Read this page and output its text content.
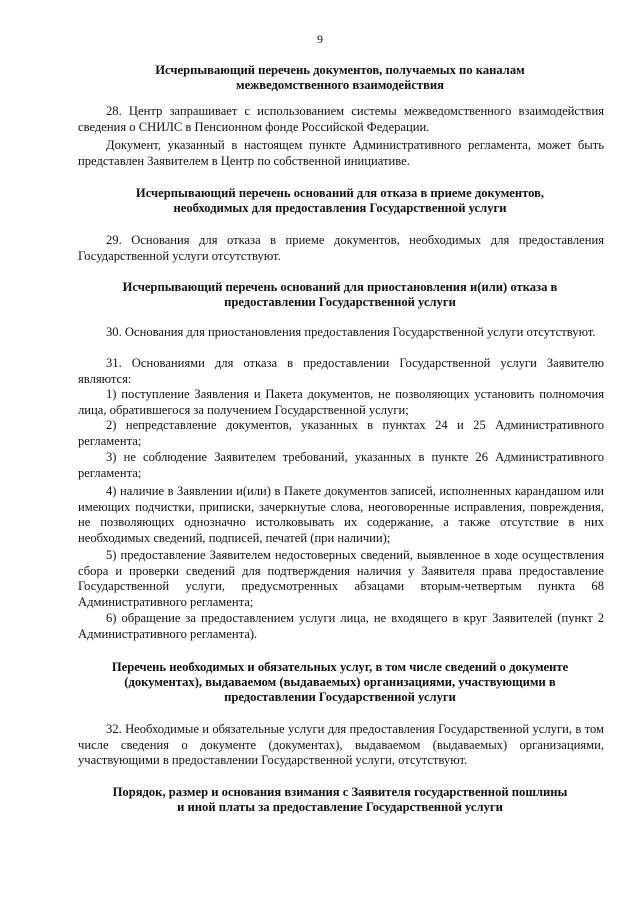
9
Исчерпывающий перечень документов, получаемых по каналам межведомственного взаимодействия

28. Центр запрашивает с использованием системы межведомственного взаимодействия сведения о СНИЛС в Пенсионном фонде Российской Федерации.

Документ, указанный в настоящем пункте Административного регламента, может быть представлен Заявителем в Центр по собственной инициативе.

Исчерпывающий перечень оснований для отказа в приеме документов, необходимых для предоставления Государственной услуги

29. Основания для отказа в приеме документов, необходимых для предоставления Государственной услуги отсутствуют.

Исчерпывающий перечень оснований для приостановления и(или) отказа в предоставлении Государственной услуги

30. Основания для приостановления предоставления Государственной услуги отсутствуют.

31. Основаниями для отказа в предоставлении Государственной услуги Заявителю являются:

1) поступление Заявления и Пакета документов, не позволяющих установить полномочия лица, обратившегося за получением Государственной услуги;

2) непредставление документов, указанных в пунктах 24 и 25 Административного регламента;

3) не соблюдение Заявителем требований, указанных в пункте 26 Административного регламента;

4) наличие в Заявлении и(или) в Пакете документов записей, исполненных карандашом или имеющих подчистки, приписки, зачеркнутые слова, неоговоренные исправления, повреждения, не позволяющих однозначно истолковывать их содержание, а также отсутствие в них необходимых сведений, подписей, печатей (при наличии);

5) предоставление Заявителем недостоверных сведений, выявленное в ходе осуществления сбора и проверки сведений для подтверждения наличия у Заявителя права предоставление Государственной услуги, предусмотренных абзацами вторым-четвертым пункта 68 Административного регламента;

6) обращение за предоставлением услуги лица, не входящего в круг Заявителей (пункт 2 Административного регламента).

Перечень необходимых и обязательных услуг, в том числе сведений о документе (документах), выдаваемом (выдаваемых) организациями, участвующими в предоставлении Государственной услуги

32. Необходимые и обязательные услуги для предоставления Государственной услуги, в том числе сведения о документе (документах), выдаваемом (выдаваемых) организациями, участвующими в предоставлении Государственной услуги, отсутствуют.

Порядок, размер и основания взимания с Заявителя государственной пошлины и иной платы за предоставление Государственной услуги
